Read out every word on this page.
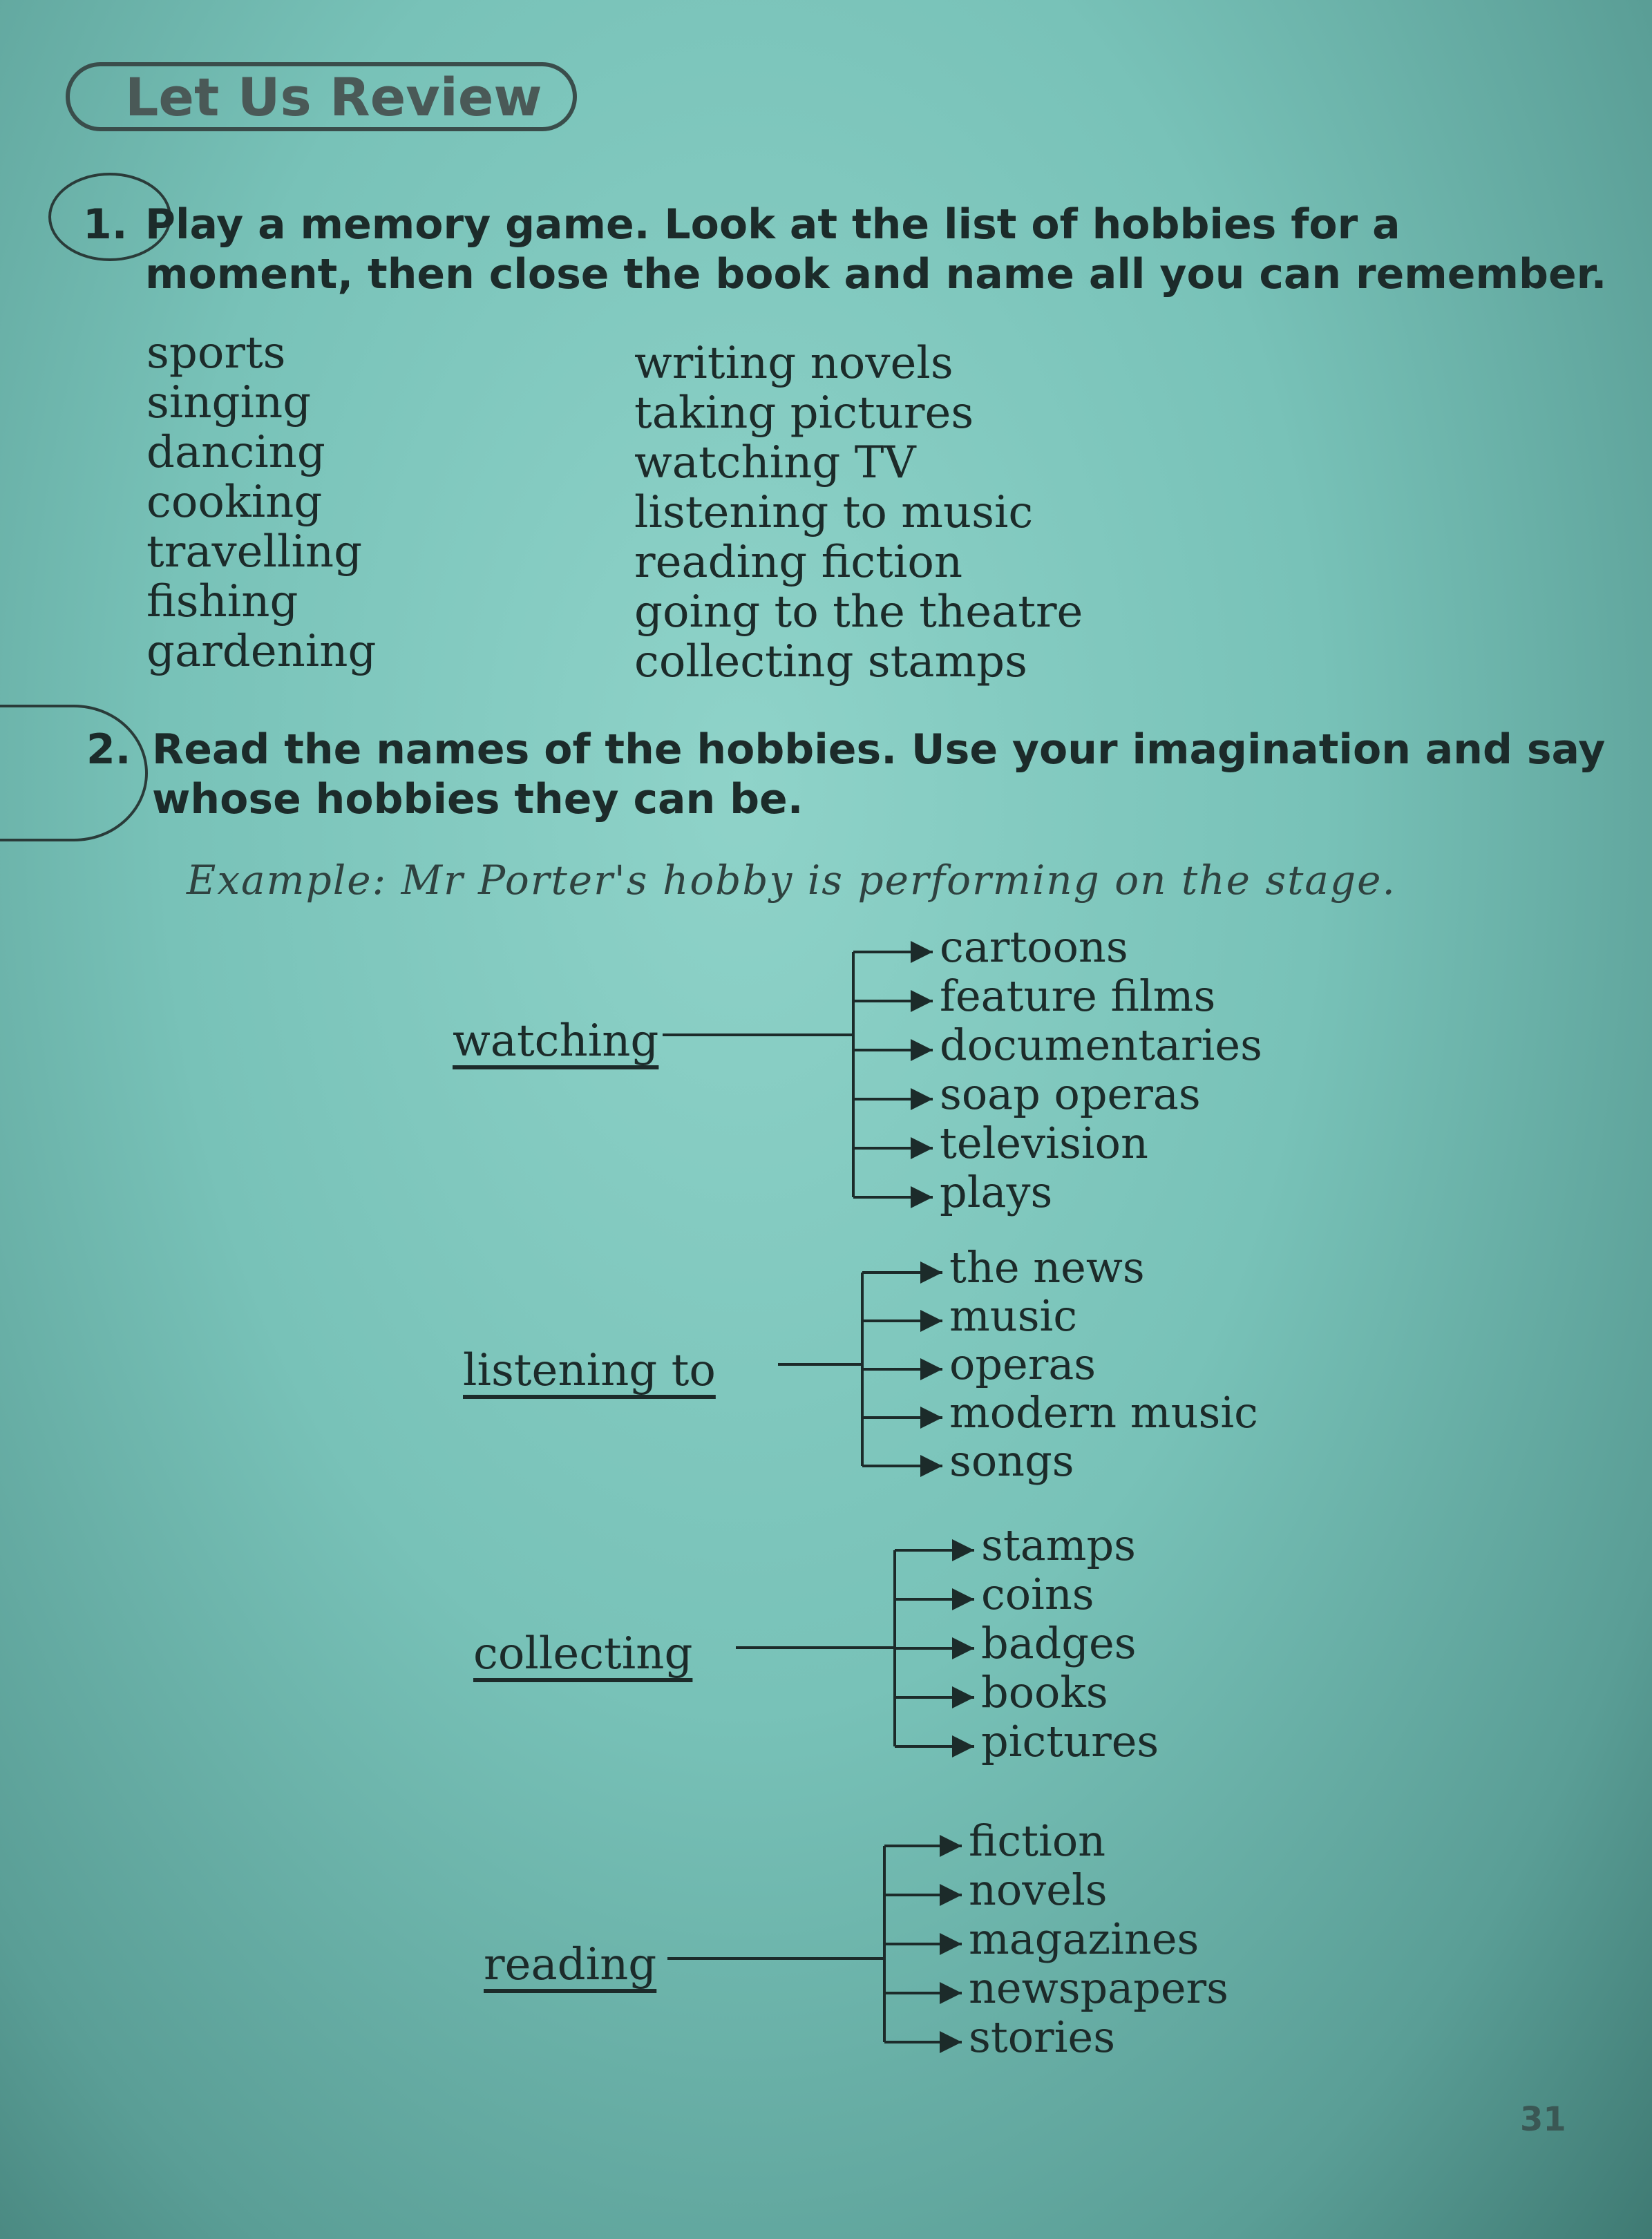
Let Us Review
1. Play a memory game. Look at the list of hobbies for a
moment, then close the book and name all you can remember.
sports
singing
dancing
cooking
travelling
fishing
gardening
writing novels
taking pictures
watching TV
listening to music
reading fiction
going to the theatre
collecting stamps
2. Read the names of the hobbies. Use your imagination and say
whose hobbies they can be.
Example: Mr Porter's hobby is performing on the stage.
watching
cartoons
feature films
documentaries
soap operas
television
plays
listening to
the news
music
operas
modern music
songs
collecting
stamps
coins
badges
books
pictures
reading
fiction
novels
magazines
newspapers
stories
31
